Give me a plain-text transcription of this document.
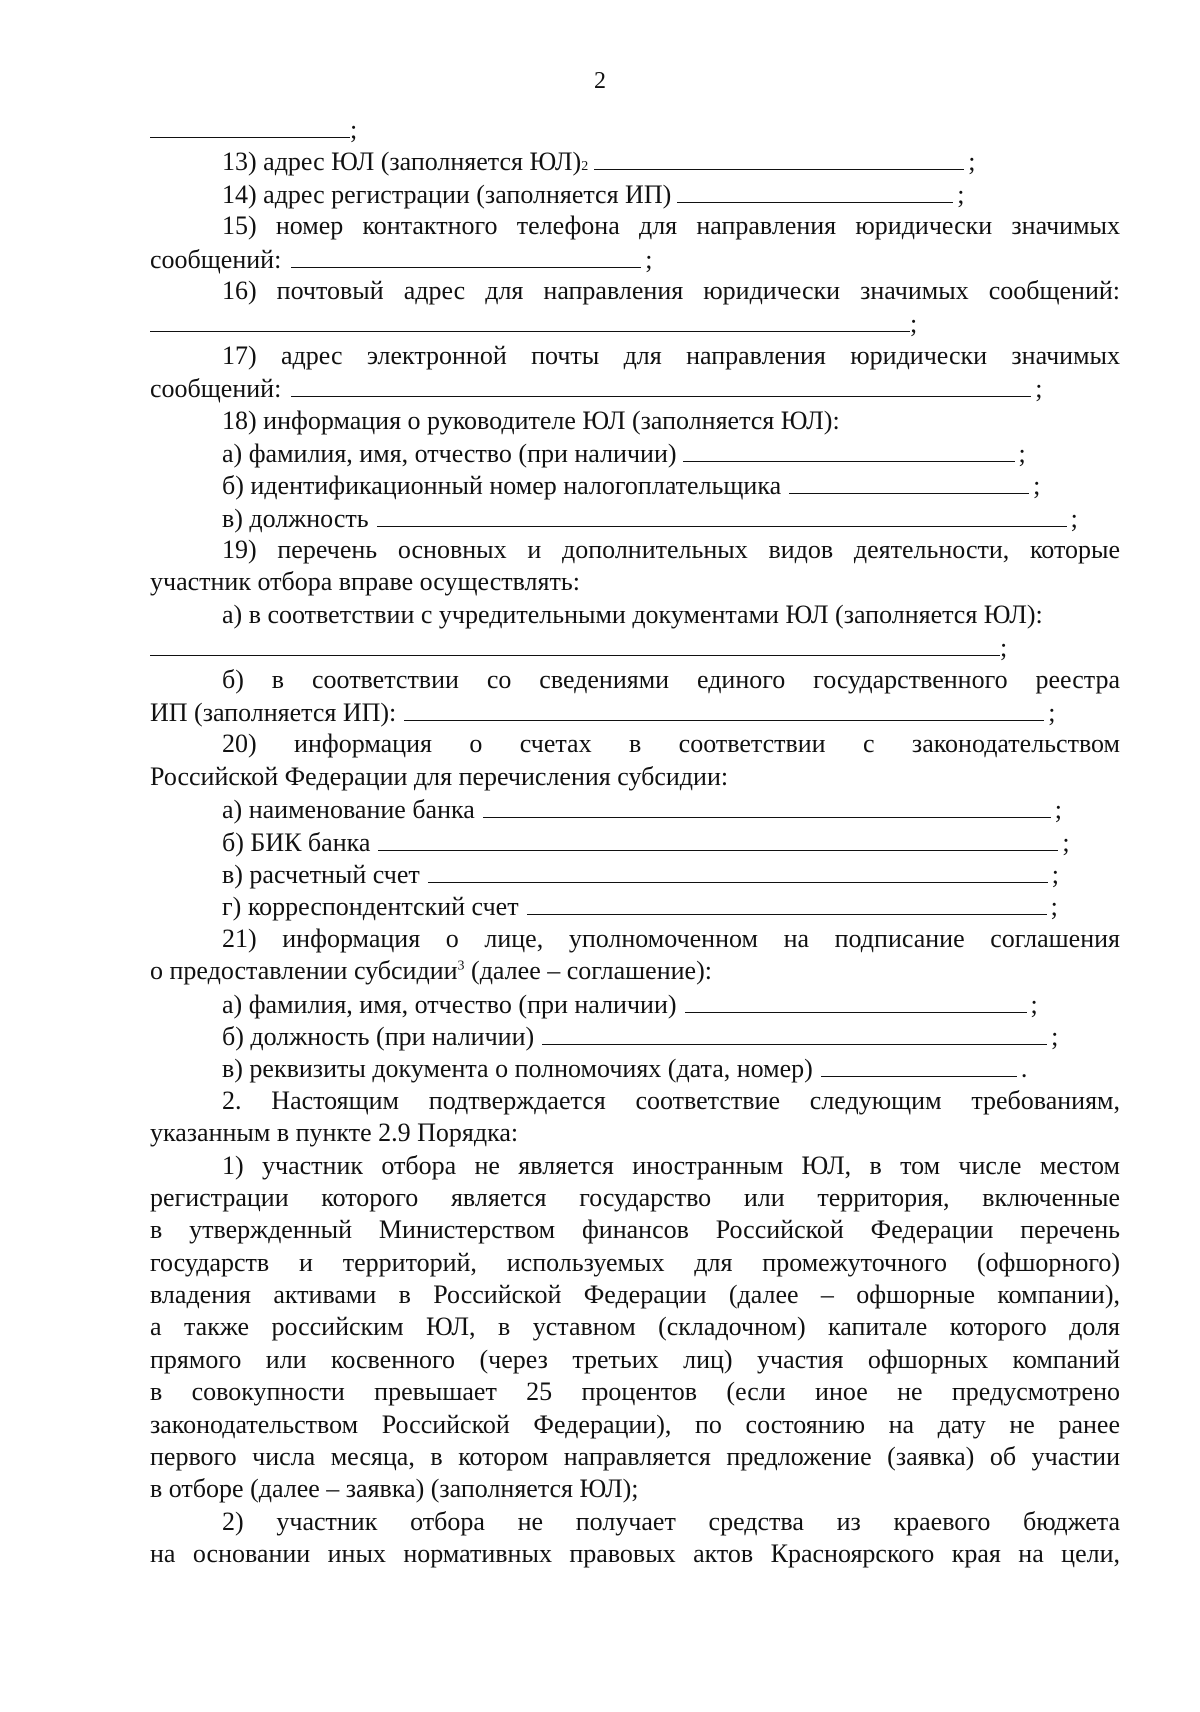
2
;
13) адрес ЮЛ (заполняется ЮЛ) 2	;
14) адрес регистрации (заполняется ИП)	;
15) номер контактного телефона для направления юридически значимых
сообщений:	;
16) почтовый адрес для направления юридически значимых сообщений:
;
17) адрес электронной почты для направления юридически значимых
сообщений:	;
18) информация о руководителе ЮЛ (заполняется ЮЛ):
а) фамилия, имя, отчество (при наличии)	;
б) идентификационный номер налогоплательщика	;
в) должность	;
19) перечень основных и дополнительных видов деятельности, которые
участник отбора вправе осуществлять:
а) в соответствии с учредительными документами ЮЛ (заполняется ЮЛ):
;
б) в соответствии со сведениями единого государственного реестра
ИП (заполняется ИП):	;
20) информация о счетах в соответствии с законодательством
Российской Федерации для перечисления субсидии:
а) наименование банка	;
б) БИК банка	;
в) расчетный счет	;
г) корреспондентский счет	;
21) информация о лице, уполномоченном на подписание соглашения
о предоставлении субсидии$^3$ (далее – соглашение):
а) фамилия, имя, отчество (при наличии)	;
б) должность (при наличии)	;
в) реквизиты документа о полномочиях (дата, номер)	.
2. Настоящим подтверждается соответствие следующим требованиям,
указанным в пункте 2.9 Порядка:
1) участник отбора не является иностранным ЮЛ, в том числе местом
регистрации которого является государство или территория, включенные
в утвержденный Министерством финансов Российской Федерации перечень
государств и территорий, используемых для промежуточного (офшорного)
владения активами в Российской Федерации (далее – офшорные компании),
а также российским ЮЛ, в уставном (складочном) капитале которого доля
прямого или косвенного (через третьих лиц) участия офшорных компаний
в совокупности превышает 25 процентов (если иное не предусмотрено
законодательством Российской Федерации), по состоянию на дату не ранее
первого числа месяца, в котором направляется предложение (заявка) об участии
в отборе (далее – заявка) (заполняется ЮЛ);
2) участник отбора не получает средства из краевого бюджета
на основании иных нормативных правовых актов Красноярского края на цели,
